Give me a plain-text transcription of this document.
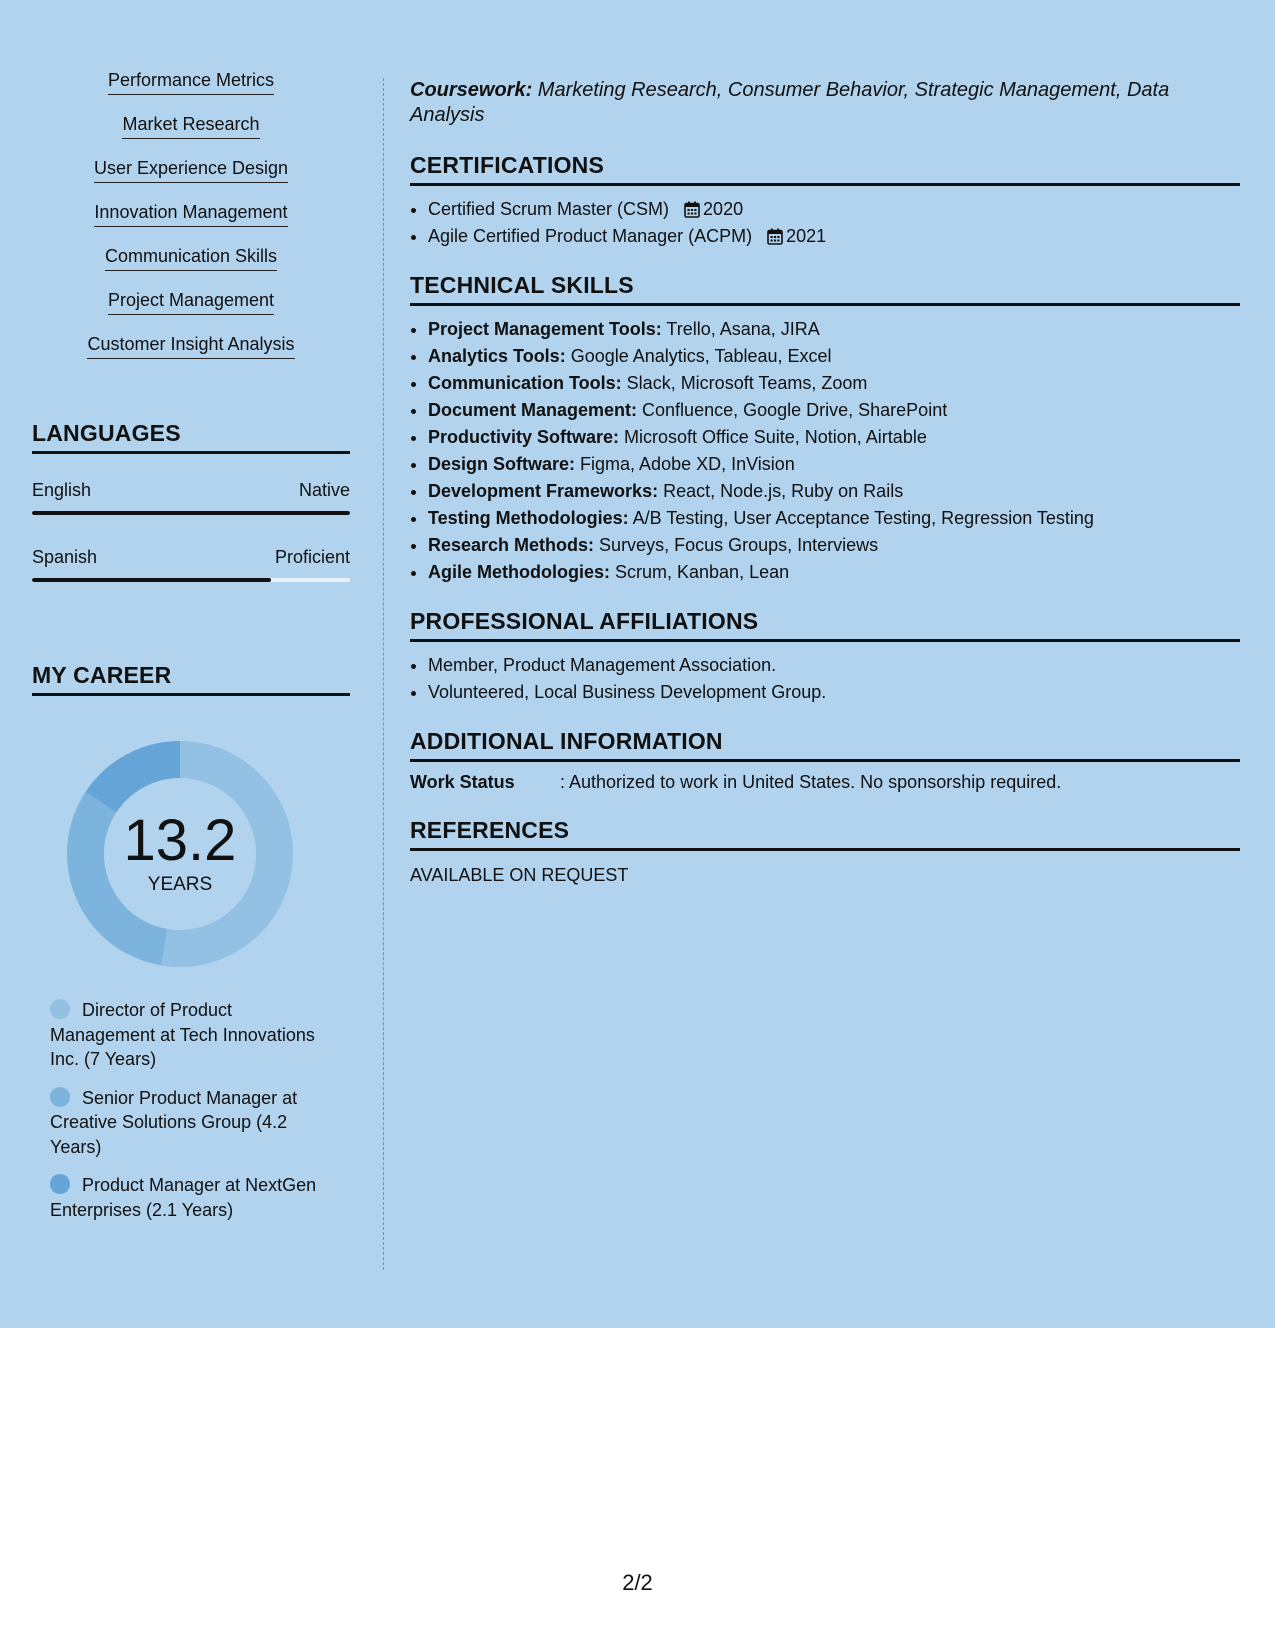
Performance Metrics
Market Research
User Experience Design
Innovation Management
Communication Skills
Project Management
Customer Insight Analysis
LANGUAGES
English	Native
Spanish	Proficient
MY CAREER
13.2
YEARS
Director of Product Management at Tech Innovations Inc. (7 Years)
Senior Product Manager at Creative Solutions Group (4.2 Years)
Product Manager at NextGen Enterprises (2.1 Years)

Coursework: Marketing Research, Consumer Behavior, Strategic Management, Data Analysis

CERTIFICATIONS
• Certified Scrum Master (CSM) 2020
• Agile Certified Product Manager (ACPM) 2021
TECHNICAL SKILLS
• Project Management Tools: Trello, Asana, JIRA
• Analytics Tools: Google Analytics, Tableau, Excel
• Communication Tools: Slack, Microsoft Teams, Zoom
• Document Management: Confluence, Google Drive, SharePoint
• Productivity Software: Microsoft Office Suite, Notion, Airtable
• Design Software: Figma, Adobe XD, InVision
• Development Frameworks: React, Node.js, Ruby on Rails
• Testing Methodologies: A/B Testing, User Acceptance Testing, Regression Testing
• Research Methods: Surveys, Focus Groups, Interviews
• Agile Methodologies: Scrum, Kanban, Lean
PROFESSIONAL AFFILIATIONS
• Member, Product Management Association.
• Volunteered, Local Business Development Group.
ADDITIONAL INFORMATION

Work Status	: Authorized to work in United States. No sponsorship required.

REFERENCES

AVAILABLE ON REQUEST

2/2
